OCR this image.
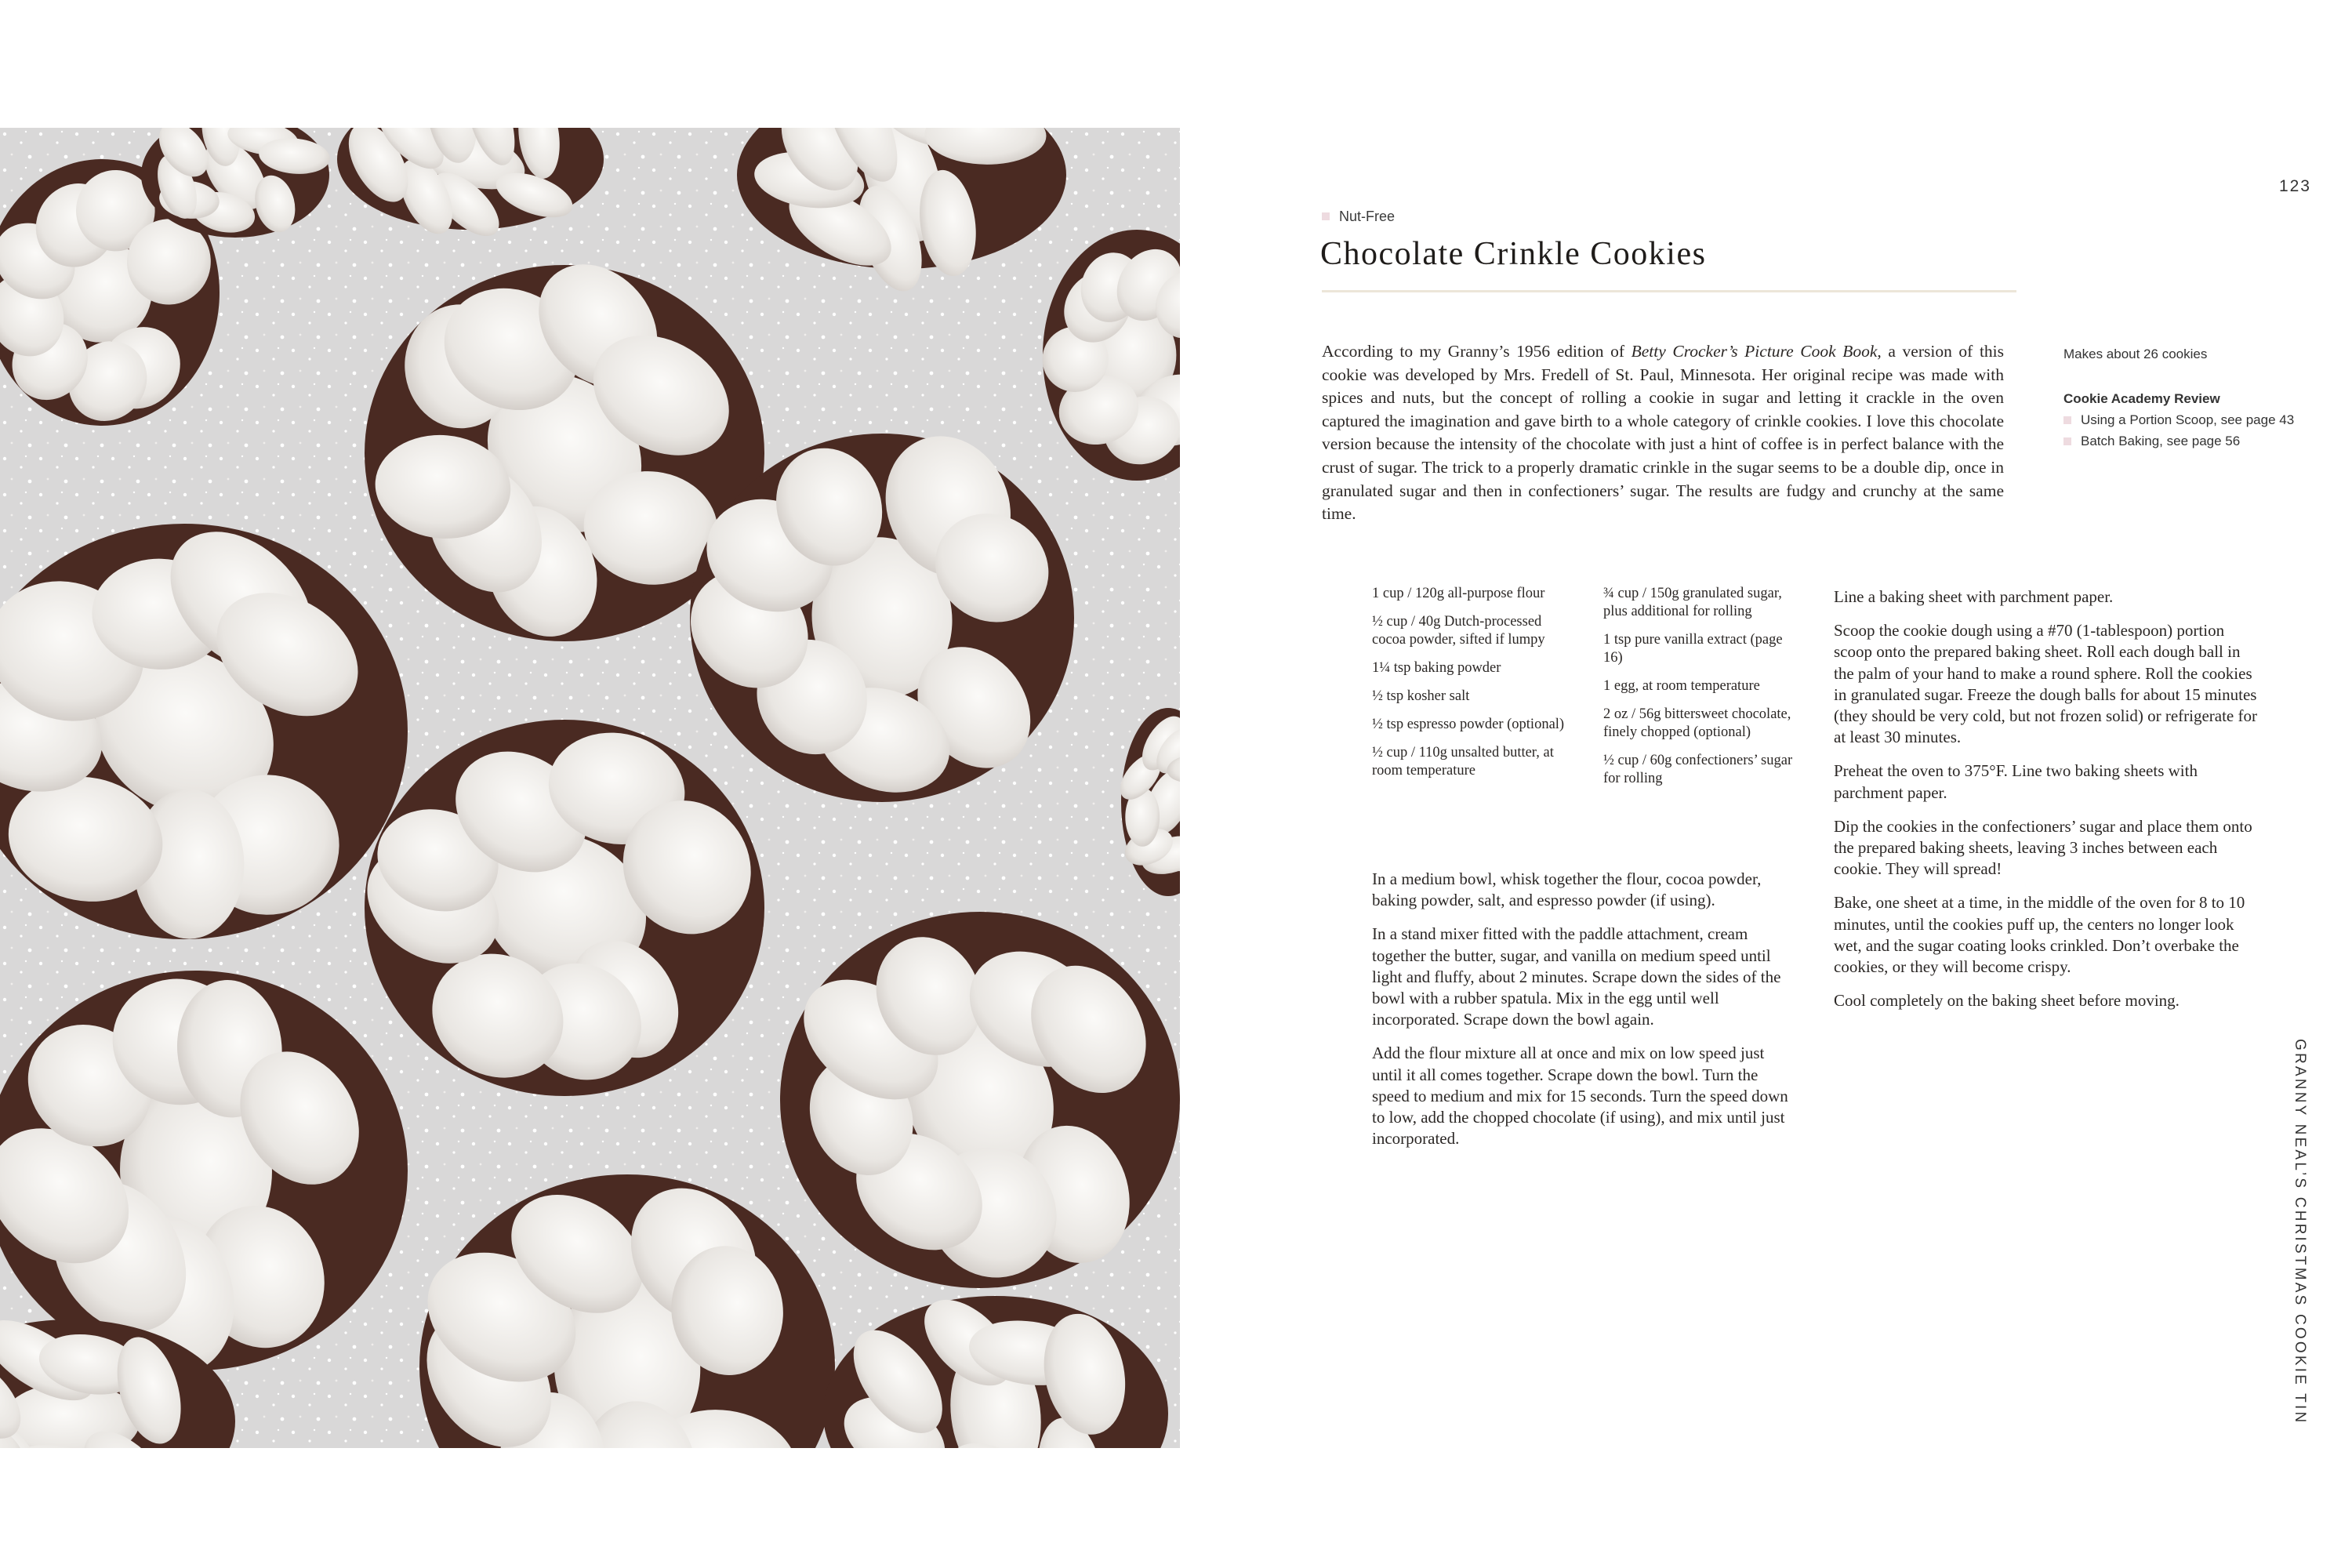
123
Nut-Free
Chocolate Crinkle Cookies

According to my Granny’s 1956 edition of Betty Crocker’s Picture Cook Book, a version of this cookie was developed by Mrs. Fredell of St. Paul, Minnesota. Her original recipe was made with spices and nuts, but the concept of rolling a cookie in sugar and letting it crackle in the oven captured the imagination and gave birth to a whole category of crinkle cookies. I love this chocolate version because the intensity of the chocolate with just a hint of coffee is in perfect balance with the crust of sugar. The trick to a properly dramatic crinkle in the sugar seems to be a double dip, once in granulated sugar and then in confectioners’ sugar. The results are fudgy and crunchy at the same time.

Makes about 26 cookies

Cookie Academy Review

Using a Portion Scoop, see page 43
Batch Baking, see page 56
1 cup / 120g all-purpose flour
½ cup / 40g Dutch-processed cocoa powder, sifted if lumpy
1¼ tsp baking powder
½ tsp kosher salt
½ tsp espresso powder (optional)
½ cup / 110g unsalted butter, at room temperature
¾ cup / 150g granulated sugar, plus additional for rolling
1 tsp pure vanilla extract (page 16)
1 egg, at room temperature
2 oz / 56g bittersweet chocolate, finely chopped (optional)
½ cup / 60g confectioners’ sugar for rolling

In a medium bowl, whisk together the flour, cocoa powder, baking powder, salt, and espresso powder (if using).

In a stand mixer fitted with the paddle attachment, cream together the butter, sugar, and vanilla on medium speed until light and fluffy, about 2 minutes. Scrape down the sides of the bowl with a rubber spatula. Mix in the egg until well incorporated. Scrape down the bowl again.

Add the flour mixture all at once and mix on low speed just until it all comes together. Scrape down the bowl. Turn the speed to medium and mix for 15 seconds. Turn the speed down to low, add the chopped chocolate (if using), and mix until just incorporated.

Line a baking sheet with parchment paper.

Scoop the cookie dough using a #70 (1-tablespoon) portion scoop onto the prepared baking sheet. Roll each dough ball in the palm of your hand to make a round sphere. Roll the cookies in granulated sugar. Freeze the dough balls for about 15 minutes (they should be very cold, but not frozen solid) or refrigerate for at least 30 minutes.

Preheat the oven to 375°F. Line two baking sheets with parchment paper.

Dip the cookies in the confectioners’ sugar and place them onto the prepared baking sheets, leaving 3 inches between each cookie. They will spread!

Bake, one sheet at a time, in the middle of the oven for 8 to 10 minutes, until the cookies puff up, the centers no longer look wet, and the sugar coating looks crinkled. Don’t overbake the cookies, or they will become crispy.

Cool completely on the baking sheet before moving.

GRANNY NEAL’S CHRISTMAS COOKIE TIN
